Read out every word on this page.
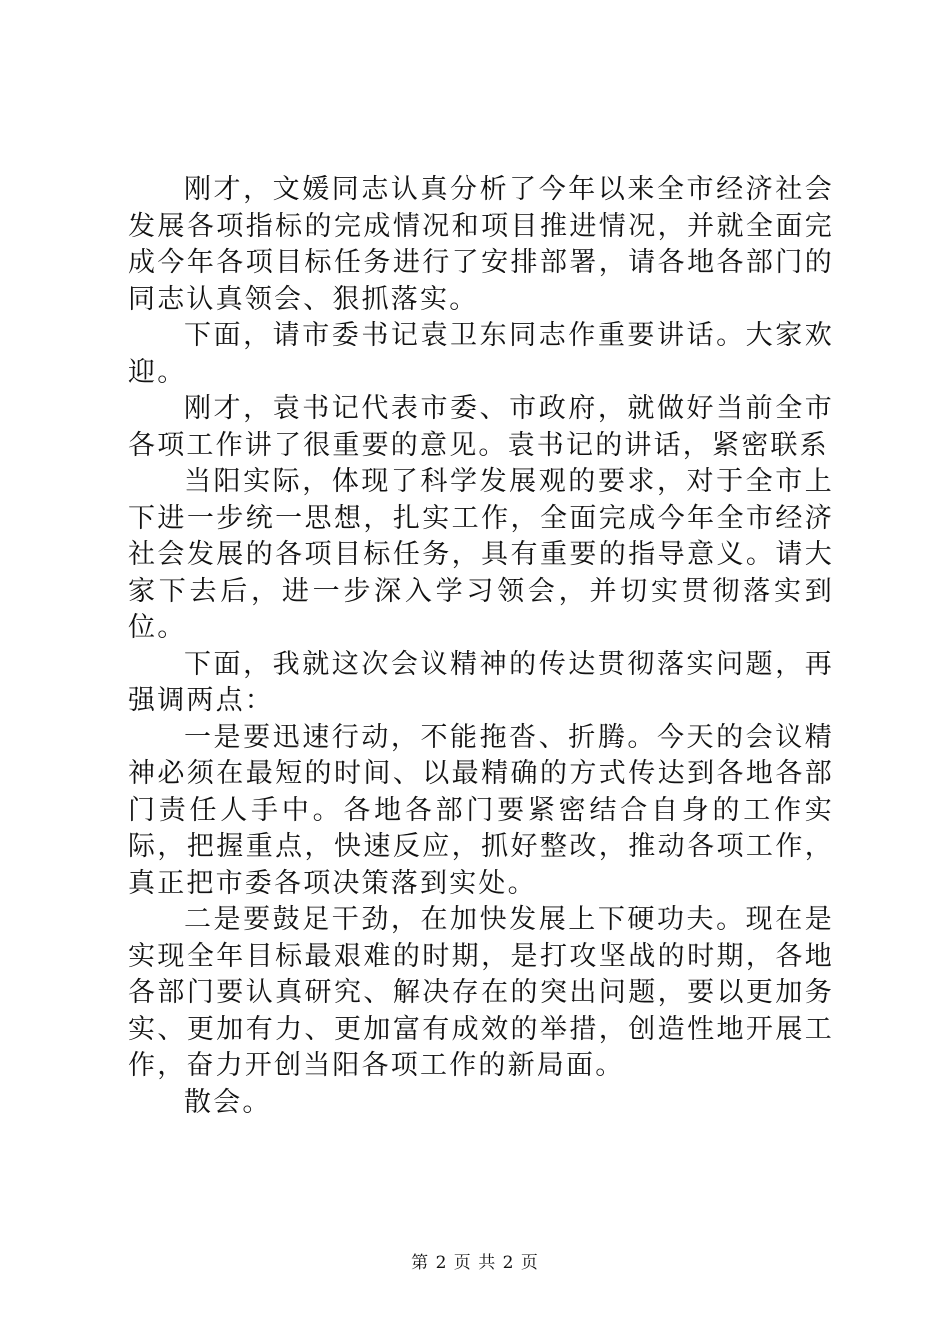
刚才，文媛同志认真分析了今年以来全市经济社会发展各项指标的完成情况和项目推进情况，并就全面完成今年各项目标任务进行了安排部署，请各地各部门的同志认真领会、狠抓落实。

下面，请市委书记袁卫东同志作重要讲话。大家欢迎。

刚才，袁书记代表市委、市政府，就做好当前全市各项工作讲了很重要的意见。袁书记的讲话，紧密联系

当阳实际，体现了科学发展观的要求，对于全市上下进一步统一思想，扎实工作，全面完成今年全市经济社会发展的各项目标任务，具有重要的指导意义。请大家下去后，进一步深入学习领会，并切实贯彻落实到位。

下面，我就这次会议精神的传达贯彻落实问题，再强调两点：

一是要迅速行动，不能拖沓、折腾。今天的会议精神必须在最短的时间、以最精确的方式传达到各地各部门责任人手中。各地各部门要紧密结合自身的工作实际，把握重点，快速反应，抓好整改，推动各项工作，真正把市委各项决策落到实处。

二是要鼓足干劲，在加快发展上下硬功夫。现在是实现全年目标最艰难的时期，是打攻坚战的时期，各地各部门要认真研究、解决存在的突出问题，要以更加务实、更加有力、更加富有成效的举措，创造性地开展工作，奋力开创当阳各项工作的新局面。

散会。

第 2 页 共 2 页
